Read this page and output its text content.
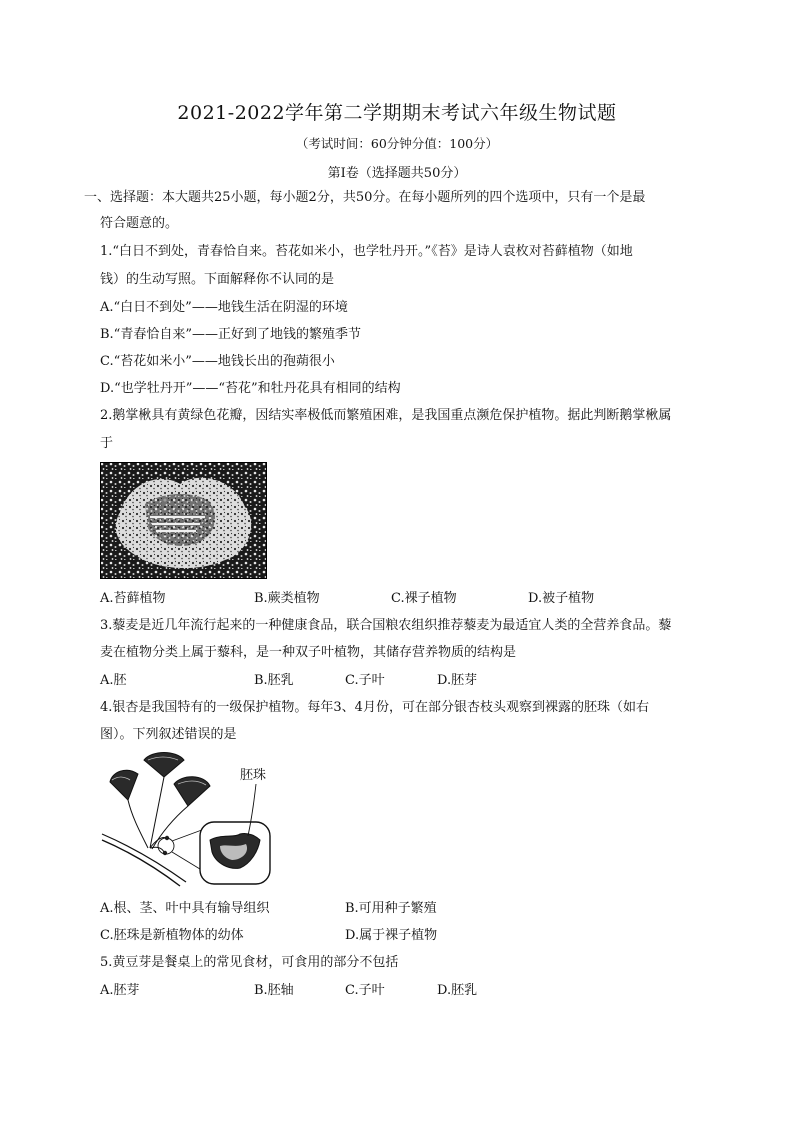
2021-2022学年第二学期期末考试六年级生物试题
（考试时间：60分钟分值：100分）
第Ⅰ卷（选择题共50分）
一、选择题：本大题共25小题，每小题2分，共50分。在每小题所列的四个选项中，只有一个是最
符合题意的。
1.“白日不到处，青春恰自来。苔花如米小，也学牡丹开。”《苔》是诗人袁枚对苔藓植物（如地
钱）的生动写照。下面解释你不认同的是
A.“白日不到处”——地钱生活在阴湿的环境
B.“青春恰自来”——正好到了地钱的繁殖季节
C.“苔花如米小”——地钱长出的孢蒴很小
D.“也学牡丹开”——“苔花”和牡丹花具有相同的结构
2.鹅掌楸具有黄绿色花瓣，因结实率极低而繁殖困难，是我国重点濒危保护植物。据此判断鹅掌楸属
于
A.苔藓植物	B.蕨类植物	C.裸子植物	D.被子植物
3.藜麦是近几年流行起来的一种健康食品，联合国粮农组织推荐藜麦为最适宜人类的全营养食品。藜
麦在植物分类上属于藜科，是一种双子叶植物，其储存营养物质的结构是
A.胚	B.胚乳	C.子叶	D.胚芽
4.银杏是我国特有的一级保护植物。每年3、4月份，可在部分银杏枝头观察到裸露的胚珠（如右
图）。下列叙述错误的是
胚珠
A.根、茎、叶中具有输导组织	B.可用种子繁殖
C.胚珠是新植物体的幼体	D.属于裸子植物
5.黄豆芽是餐桌上的常见食材，可食用的部分不包括
A.胚芽	B.胚轴	C.子叶	D.胚乳
